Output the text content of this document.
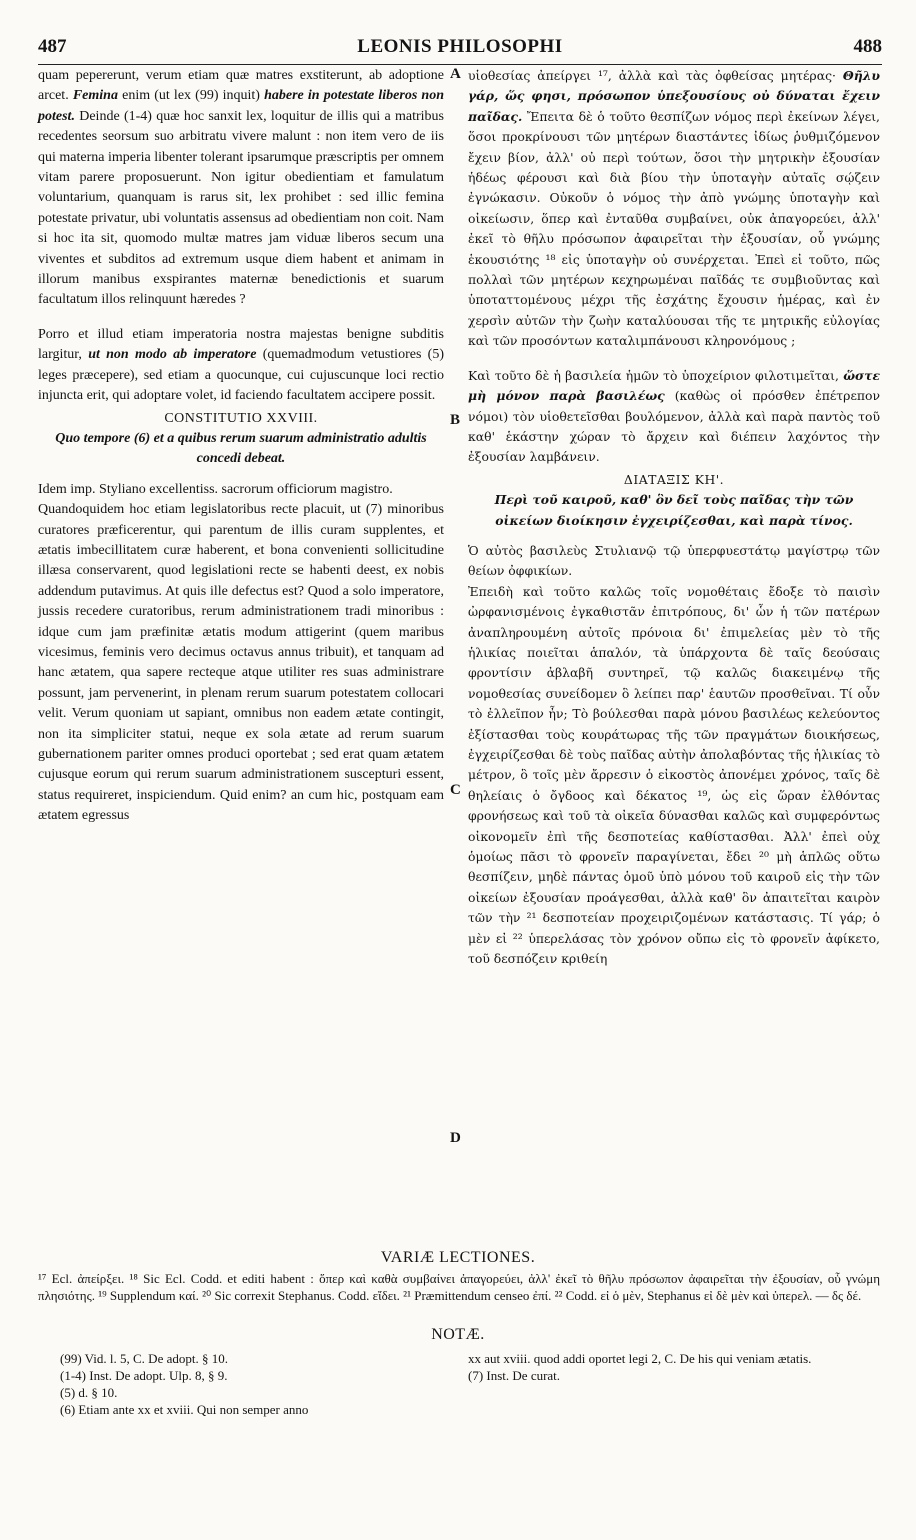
487	LEONIS PHILOSOPHI	488

quam pepererunt, verum etiam quæ matres exstiterunt, ab adoptione arcet. Femina enim (ut lex (99) inquit) habere in potestate liberos non potest. Deinde (1-4) quæ hoc sanxit lex, loquitur de illis qui a matribus recedentes seorsum suo arbitratu vivere malunt : non item vero de iis qui materna imperia libenter tolerant ipsarumque præscriptis per omnem vitam parere proposuerunt. Non igitur obedientiam et famulatum voluntarium, quanquam is rarus sit, lex prohibet : sed illic femina potestate privatur, ubi voluntatis assensus ad obedientiam non coit. Nam si hoc ita sit, quomodo multæ matres jam viduæ liberos secum una viventes et subditos ad extremum usque diem habent et animam in illorum manibus exspirantes maternæ benedictionis et suarum facultatum illos relinquunt hæredes ?

Porro et illud etiam imperatoria nostra majestas benigne subditis largitur, ut non modo ab imperatore (quemadmodum vetustiores (5) leges præcepere), sed etiam a quocunque, cui cujuscunque loci rectio injuncta erit, qui adoptare volet, id faciendo facultatem accipere possit.

CONSTITUTIO XXVIII.
Quo tempore (6) et a quibus rerum suarum administratio adultis concedi debeat.

Idem imp. Styliano excellentiss. sacrorum officiorum magistro.

Quandoquidem hoc etiam legislatoribus recte placuit, ut (7) minoribus curatores præficerentur, qui parentum de illis curam supplentes, et ætatis imbecillitatem curæ haberent, et bona convenienti sollicitudine illæsa conservarent, quod legislationi recte se habenti deest, ex nobis addendum putavimus. At quis ille defectus est? Quod a solo imperatore, jussis recedere curatoribus, rerum administrationem tradi minoribus : idque cum jam præfinitæ ætatis modum attigerint (quem maribus vicesimus, feminis vero decimus octavus annus tribuit), et tanquam ad hanc ætatem, qua sapere recteque atque utiliter res suas administrare possunt, jam pervenerint, in plenam rerum suarum potestatem collocari velit. Verum quoniam ut sapiant, omnibus non eadem ætate contingit, non ita simpliciter statui, neque ex sola ætate ad rerum suarum gubernationem pariter omnes produci oportebat ; sed erat quam ætatem cujusque eorum qui rerum suarum administrationem suscepturi essent, status requireret, inspiciendum. Quid enim? an cum hic, postquam eam ætatem egressus

υἱοθεσίας ἀπείργει ¹⁷, ἀλλὰ καὶ τὰς ὀφθείσας μητέρας· Θῆλυ γάρ, ὥς φησι, πρόσωπον ὑπεξουσίους οὐ δύναται ἔχειν παῖδας. Ἔπειτα δὲ ὁ τοῦτο θεσπίζων νόμος περὶ ἐκείνων λέγει, ὅσοι προκρίνουσι τῶν μητέρων διαστάντες ἰδίως ῥυθμιζόμενον ἔχειν βίον, ἀλλ' οὐ περὶ τούτων, ὅσοι τὴν μητρικὴν ἐξουσίαν ἡδέως φέρουσι καὶ διὰ βίου τὴν ὑποταγὴν αὐταῖς σῴζειν ἐγνώκασιν. Οὐκοῦν ὁ νόμος τὴν ἀπὸ γνώμης ὑποταγὴν καὶ οἰκείωσιν, ὅπερ καὶ ἐνταῦθα συμβαίνει, οὐκ ἀπαγορεύει, ἀλλ' ἐκεῖ τὸ θῆλυ πρόσωπον ἀφαιρεῖται τὴν ἐξουσίαν, οὗ γνώμης ἑκουσιότης ¹⁸ εἰς ὑποταγὴν οὐ συνέρχεται. Ἐπεὶ εἰ τοῦτο, πῶς πολλαὶ τῶν μητέρων κεχηρωμέναι παῖδάς τε συμβιοῦντας καὶ ὑποταττομένους μέχρι τῆς ἐσχάτης ἔχουσιν ἡμέρας, καὶ ἐν χερσὶν αὐτῶν τὴν ζωὴν καταλύουσαι τῆς τε μητρικῆς εὐλογίας καὶ τῶν προσόντων καταλιμπάνουσι κληρονόμους ;

Καὶ τοῦτο δὲ ἡ βασιλεία ἡμῶν τὸ ὑποχείριον φιλοτιμεῖται, ὥστε μὴ μόνον παρὰ βασιλέως (καθὼς οἱ πρόσθεν ἐπέτρεπον νόμοι) τὸν υἱοθετεῖσθαι βουλόμενον, ἀλλὰ καὶ παρὰ παντὸς τοῦ καθ' ἑκάστην χώραν τὸ ἄρχειν καὶ διέπειν λαχόντος τὴν ἐξουσίαν λαμβάνειν.

ΔΙΑΤΑΞΙΣ ΚΗ'.
Περὶ τοῦ καιροῦ, καθ' ὃν δεῖ τοὺς παῖδας τὴν τῶν οἰκείων διοίκησιν ἐγχειρίζεσθαι, καὶ παρὰ τίνος.

Ὁ αὐτὸς βασιλεὺς Στυλιανῷ τῷ ὑπερφυεστάτῳ μαγίστρῳ τῶν θείων ὀφφικίων.

Ἐπειδὴ καὶ τοῦτο καλῶς τοῖς νομοθέταις ἔδοξε τὸ παισὶν ὠρφανισμένοις ἐγκαθιστᾶν ἐπιτρόπους, δι' ὧν ἡ τῶν πατέρων ἀναπληρουμένη αὐτοῖς πρόνοια δι' ἐπιμελείας μὲν τὸ τῆς ἡλικίας ποιεῖται ἁπαλόν, τὰ ὑπάρχοντα δὲ ταῖς δεούσαις φροντίσιν ἀβλαβῆ συντηρεῖ, τῷ καλῶς διακειμένῳ τῆς νομοθεσίας συνείδομεν ὃ λείπει παρ' ἑαυτῶν προσθεῖναι. Τί οὖν τὸ ἐλλεῖπον ἦν; Τὸ βούλεσθαι παρὰ μόνου βασιλέως κελεύοντος ἐξίστασθαι τοὺς κουράτωρας τῆς τῶν πραγμάτων διοικήσεως, ἐγχειρίζεσθαι δὲ τοὺς παῖδας αὐτὴν ἀπολαβόντας τῆς ἡλικίας τὸ μέτρον, ὃ τοῖς μὲν ἄρρεσιν ὁ εἰκοστὸς ἀπονέμει χρόνος, ταῖς δὲ θηλείαις ὁ ὄγδοος καὶ δέκατος ¹⁹, ὡς εἰς ὥραν ἐλθόντας φρονήσεως καὶ τοῦ τὰ οἰκεῖα δύνασθαι καλῶς καὶ συμφερόντως οἰκονομεῖν ἐπὶ τῆς δεσποτείας καθίστασθαι. Ἀλλ' ἐπεὶ οὐχ ὁμοίως πᾶσι τὸ φρονεῖν παραγίνεται, ἔδει ²⁰ μὴ ἁπλῶς οὕτω θεσπίζειν, μηδὲ πάντας ὁμοῦ ὑπὸ μόνου τοῦ καιροῦ εἰς τὴν τῶν οἰκείων ἐξουσίαν προάγεσθαι, ἀλλὰ καθ' ὃν ἀπαιτεῖται καιρὸν τῶν τὴν ²¹ δεσποτείαν προχειριζομένων κατάστασις. Τί γάρ; ὁ μὲν εἰ ²² ὑπερελάσας τὸν χρόνον οὔπω εἰς τὸ φρονεῖν ἀφίκετο, τοῦ δεσπόζειν κριθείη

A
B
C
D
VARIÆ LECTIONES.
¹⁷ Ecl. ἀπείρξει. ¹⁸ Sic Ecl. Codd. et editi habent : ὅπερ καὶ καθὰ συμβαίνει ἀπαγορεύει, ἀλλ' ἐκεῖ τὸ θῆλυ πρόσωπον ἀφαιρεῖται τὴν ἐξουσίαν, οὗ γνώμη πλησιότης. ¹⁹ Supplendum καί. ²⁰ Sic correxit Stephanus. Codd. εἴδει. ²¹ Præmittendum censeo ἐπί. ²² Codd. εἰ ὁ μὲν, Stephanus εἰ δὲ μὲν καὶ ὑπερελ. — δς δέ.
NOTÆ.
(99) Vid. l. 5, C. De adopt. § 10.
(1-4) Inst. De adopt. Ulp. 8, § 9.
(5) d. § 10.
(6) Etiam ante xx et xviii. Qui non semper anno
xx aut xviii. quod addi oportet legi 2, C. De his qui veniam ætatis.
(7) Inst. De curat.
